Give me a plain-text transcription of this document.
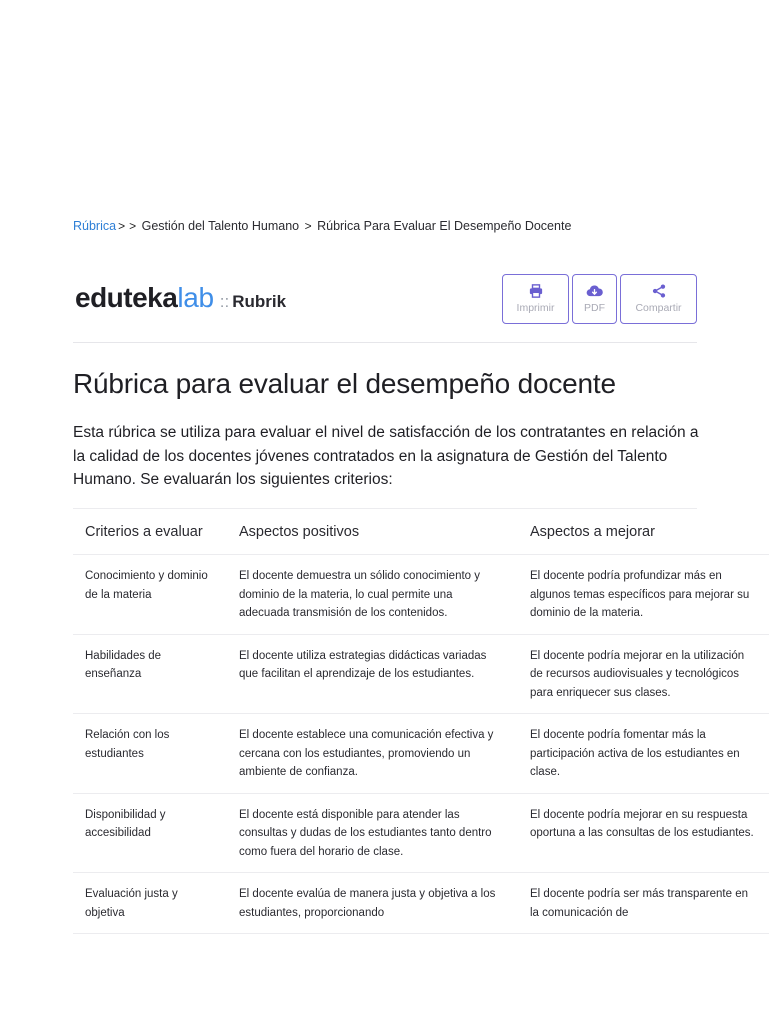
Rúbrica > > Gestión del Talento Humano > Rúbrica Para Evaluar El Desempeño Docente
eduteka lab :: Rubrik	Imprimir	PDF	Compartir
Rúbrica para evaluar el desempeño docente

Esta rúbrica se utiliza para evaluar el nivel de satisfacción de los contratantes en relación a la calidad de los docentes jóvenes contratados en la asignatura de Gestión del Talento Humano. Se evaluarán los siguientes criterios:

Criterios a evaluar	Aspectos positivos	Aspectos a mejorar
Conocimiento y dominio de la materia	El docente demuestra un sólido conocimiento y dominio de la materia, lo cual permite una adecuada transmisión de los contenidos.	El docente podría profundizar más en algunos temas específicos para mejorar su dominio de la materia.
Habilidades de enseñanza	El docente utiliza estrategias didácticas variadas que facilitan el aprendizaje de los estudiantes.	El docente podría mejorar en la utilización de recursos audiovisuales y tecnológicos para enriquecer sus clases.
Relación con los estudiantes	El docente establece una comunicación efectiva y cercana con los estudiantes, promoviendo un ambiente de confianza.	El docente podría fomentar más la participación activa de los estudiantes en clase.
Disponibilidad y accesibilidad	El docente está disponible para atender las consultas y dudas de los estudiantes tanto dentro como fuera del horario de clase.	El docente podría mejorar en su respuesta oportuna a las consultas de los estudiantes.
Evaluación justa y objetiva	El docente evalúa de manera justa y objetiva a los estudiantes, proporcionando	El docente podría ser más transparente en la comunicación de
